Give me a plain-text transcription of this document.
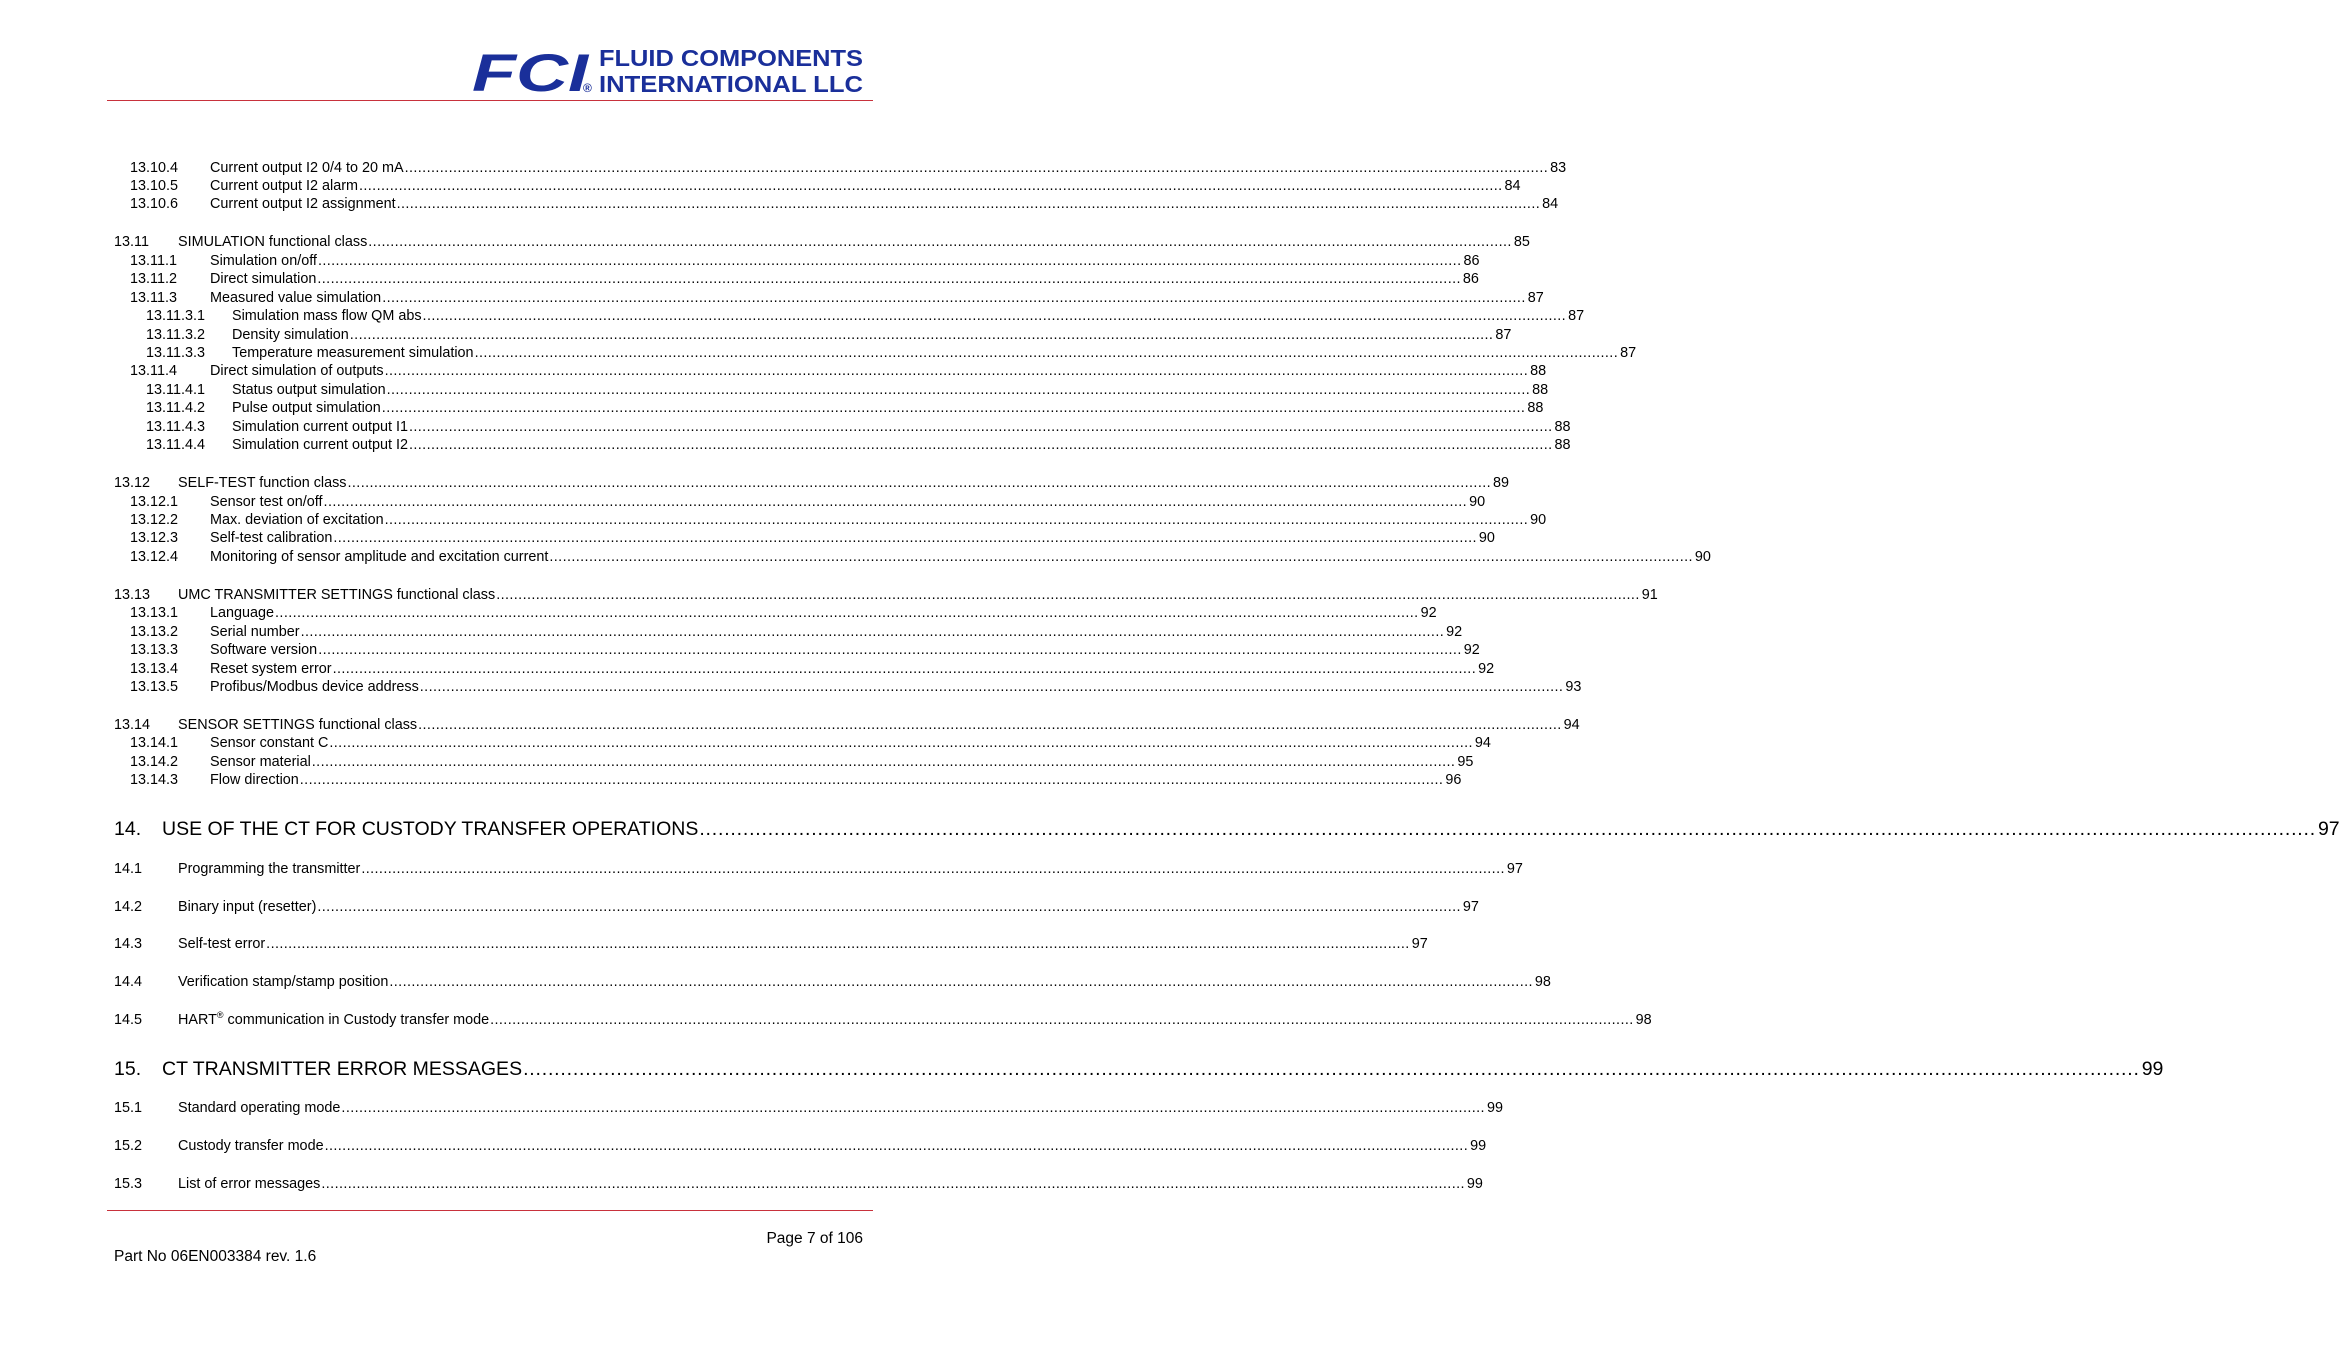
FCI
®
FLUID COMPONENTS
INTERNATIONAL LLC
13.10.4 Current output I2 0/4 to 20 mA .................................................................................................................................................................................................................................................................... 83
13.10.5 Current output I2 alarm .................................................................................................................................................................................................................................................................... 84
13.10.6 Current output I2 assignment .................................................................................................................................................................................................................................................................... 84
13.11 SIMULATION functional class .................................................................................................................................................................................................................................................................... 85
13.11.1 Simulation on/off .................................................................................................................................................................................................................................................................... 86
13.11.2 Direct simulation .................................................................................................................................................................................................................................................................... 86
13.11.3 Measured value simulation .................................................................................................................................................................................................................................................................... 87
13.11.3.1 Simulation mass flow QM abs .................................................................................................................................................................................................................................................................... 87
13.11.3.2 Density simulation .................................................................................................................................................................................................................................................................... 87
13.11.3.3 Temperature measurement simulation .................................................................................................................................................................................................................................................................... 87
13.11.4 Direct simulation of outputs .................................................................................................................................................................................................................................................................... 88
13.11.4.1 Status output simulation .................................................................................................................................................................................................................................................................... 88
13.11.4.2 Pulse output simulation .................................................................................................................................................................................................................................................................... 88
13.11.4.3 Simulation current output I1 .................................................................................................................................................................................................................................................................... 88
13.11.4.4 Simulation current output I2 .................................................................................................................................................................................................................................................................... 88
13.12 SELF-TEST function class .................................................................................................................................................................................................................................................................... 89
13.12.1 Sensor test on/off .................................................................................................................................................................................................................................................................... 90
13.12.2 Max. deviation of excitation .................................................................................................................................................................................................................................................................... 90
13.12.3 Self-test calibration .................................................................................................................................................................................................................................................................... 90
13.12.4 Monitoring of sensor amplitude and excitation current .................................................................................................................................................................................................................................................................... 90
13.13 UMC TRANSMITTER SETTINGS functional class .................................................................................................................................................................................................................................................................... 91
13.13.1 Language .................................................................................................................................................................................................................................................................... 92
13.13.2 Serial number .................................................................................................................................................................................................................................................................... 92
13.13.3 Software version .................................................................................................................................................................................................................................................................... 92
13.13.4 Reset system error .................................................................................................................................................................................................................................................................... 92
13.13.5 Profibus/Modbus device address .................................................................................................................................................................................................................................................................... 93
13.14 SENSOR SETTINGS functional class .................................................................................................................................................................................................................................................................... 94
13.14.1 Sensor constant C .................................................................................................................................................................................................................................................................... 94
13.14.2 Sensor material .................................................................................................................................................................................................................................................................... 95
13.14.3 Flow direction .................................................................................................................................................................................................................................................................... 96
14. USE OF THE CT FOR CUSTODY TRANSFER OPERATIONS .................................................................................................................................................................................................................................................................... 97
14.1 Programming the transmitter .................................................................................................................................................................................................................................................................... 97
14.2 Binary input (resetter) .................................................................................................................................................................................................................................................................... 97
14.3 Self-test error .................................................................................................................................................................................................................................................................... 97
14.4 Verification stamp/stamp position .................................................................................................................................................................................................................................................................... 98
14.5 HART® communication in Custody transfer mode .................................................................................................................................................................................................................................................................... 98
15. CT TRANSMITTER ERROR MESSAGES .................................................................................................................................................................................................................................................................... 99
15.1 Standard operating mode .................................................................................................................................................................................................................................................................... 99
15.2 Custody transfer mode .................................................................................................................................................................................................................................................................... 99
15.3 List of error messages .................................................................................................................................................................................................................................................................... 99
Page 7 of 106
Part No 06EN003384 rev. 1.6
